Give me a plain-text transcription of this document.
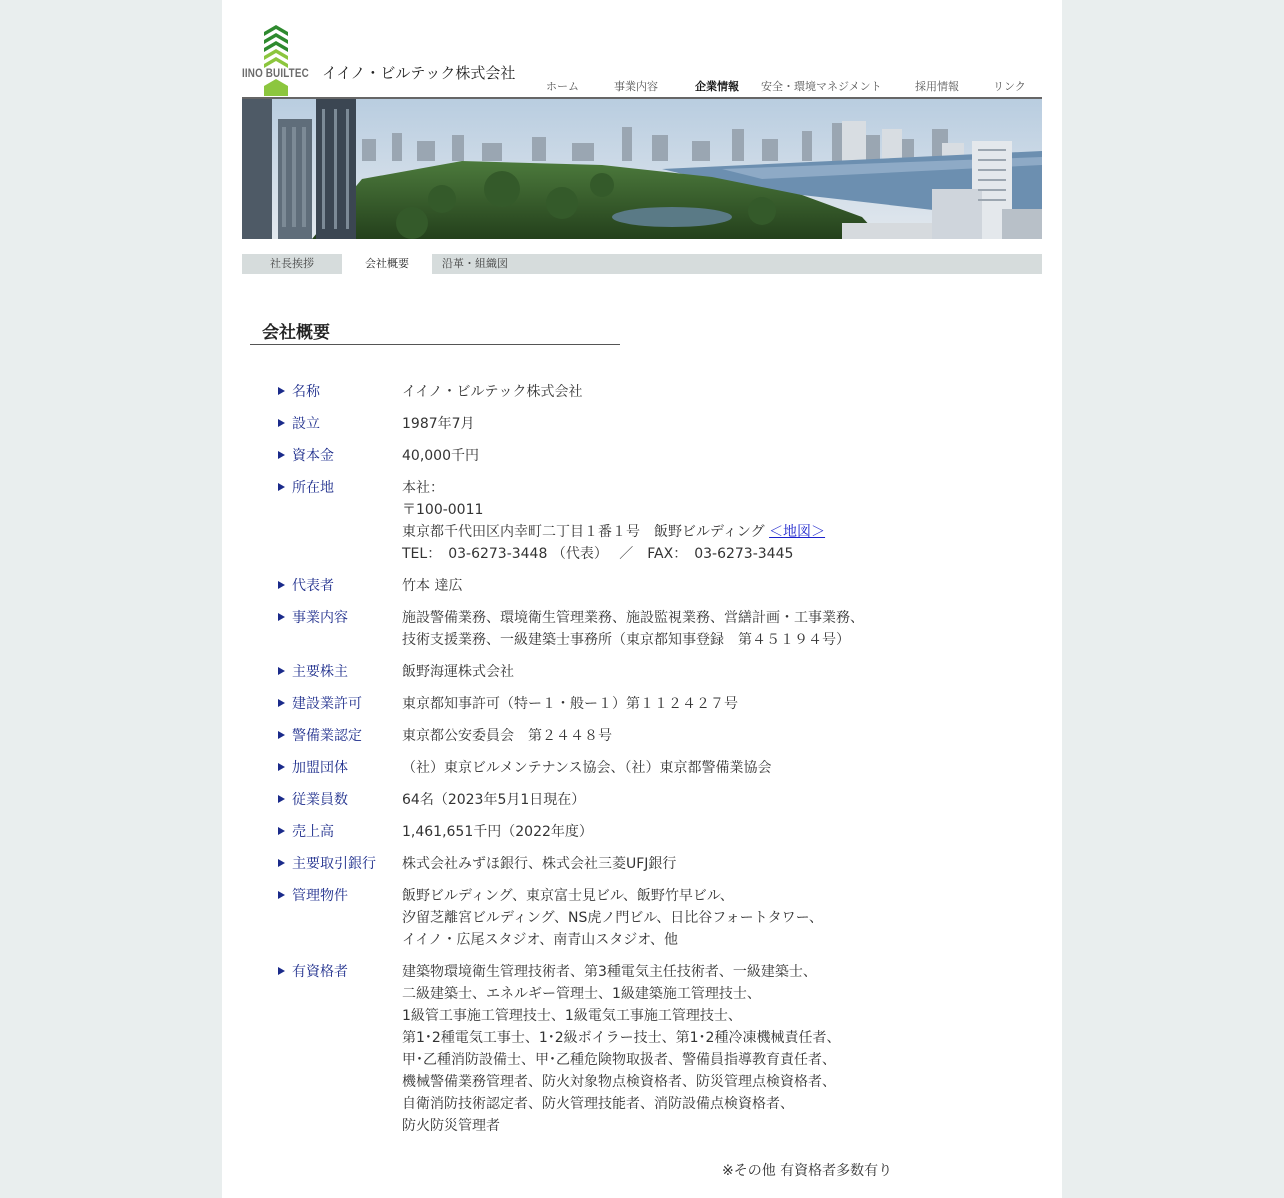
IINO BUILTEC イイノ・ビルテック株式会社
ホーム	事業内容	企業情報 安全・環境マネジメント	採用情報	リンク
社長挨拶	会社概要	沿革・組織図
会社概要
名称	イイノ・ビルテック株式会社
設立	1987年7月
資本金	40,000千円
所在地	本社：
〒100-0011
東京都千代田区内幸町二丁目１番１号　飯野ビルディング ＜地図＞
TEL：　03-6273-3448 （代表）　 ／　FAX：　03-6273-3445
代表者	竹本 達広
事業内容	施設警備業務、環境衛生管理業務、施設監視業務、営繕計画・工事業務、
技術支援業務、一級建築士事務所（東京都知事登録　第４５１９４号）
主要株主	飯野海運株式会社
建設業許可	東京都知事許可（特ー１・般ー１）第１１２４２７号
警備業認定	東京都公安委員会　第２４４８号
加盟団体	（社）東京ビルメンテナンス協会、（社）東京都警備業協会
従業員数	64名（2023年5月1日現在）
売上高	1,461,651千円（2022年度）
主要取引銀行	株式会社みずほ銀行、株式会社三菱UFJ銀行
管理物件	飯野ビルディング、東京富士見ビル、飯野竹早ビル、
汐留芝離宮ビルディング、NS虎ノ門ビル、日比谷フォートタワー、
イイノ・広尾スタジオ、南青山スタジオ、他
有資格者	建築物環境衛生管理技術者、第3種電気主任技術者、一級建築士、
二級建築士、エネルギー管理士、1級建築施工管理技士、
1級管工事施工管理技士、1級電気工事施工管理技士、
第1･2種電気工事士、1･2級ボイラー技士、第1･2種冷凍機械責任者、
甲･乙種消防設備士、甲･乙種危険物取扱者、警備員指導教育責任者、
機械警備業務管理者、防火対象物点検資格者、防災管理点検資格者、
自衛消防技術認定者、防火管理技能者、消防設備点検資格者、
防火防災管理者
※その他 有資格者多数有り
